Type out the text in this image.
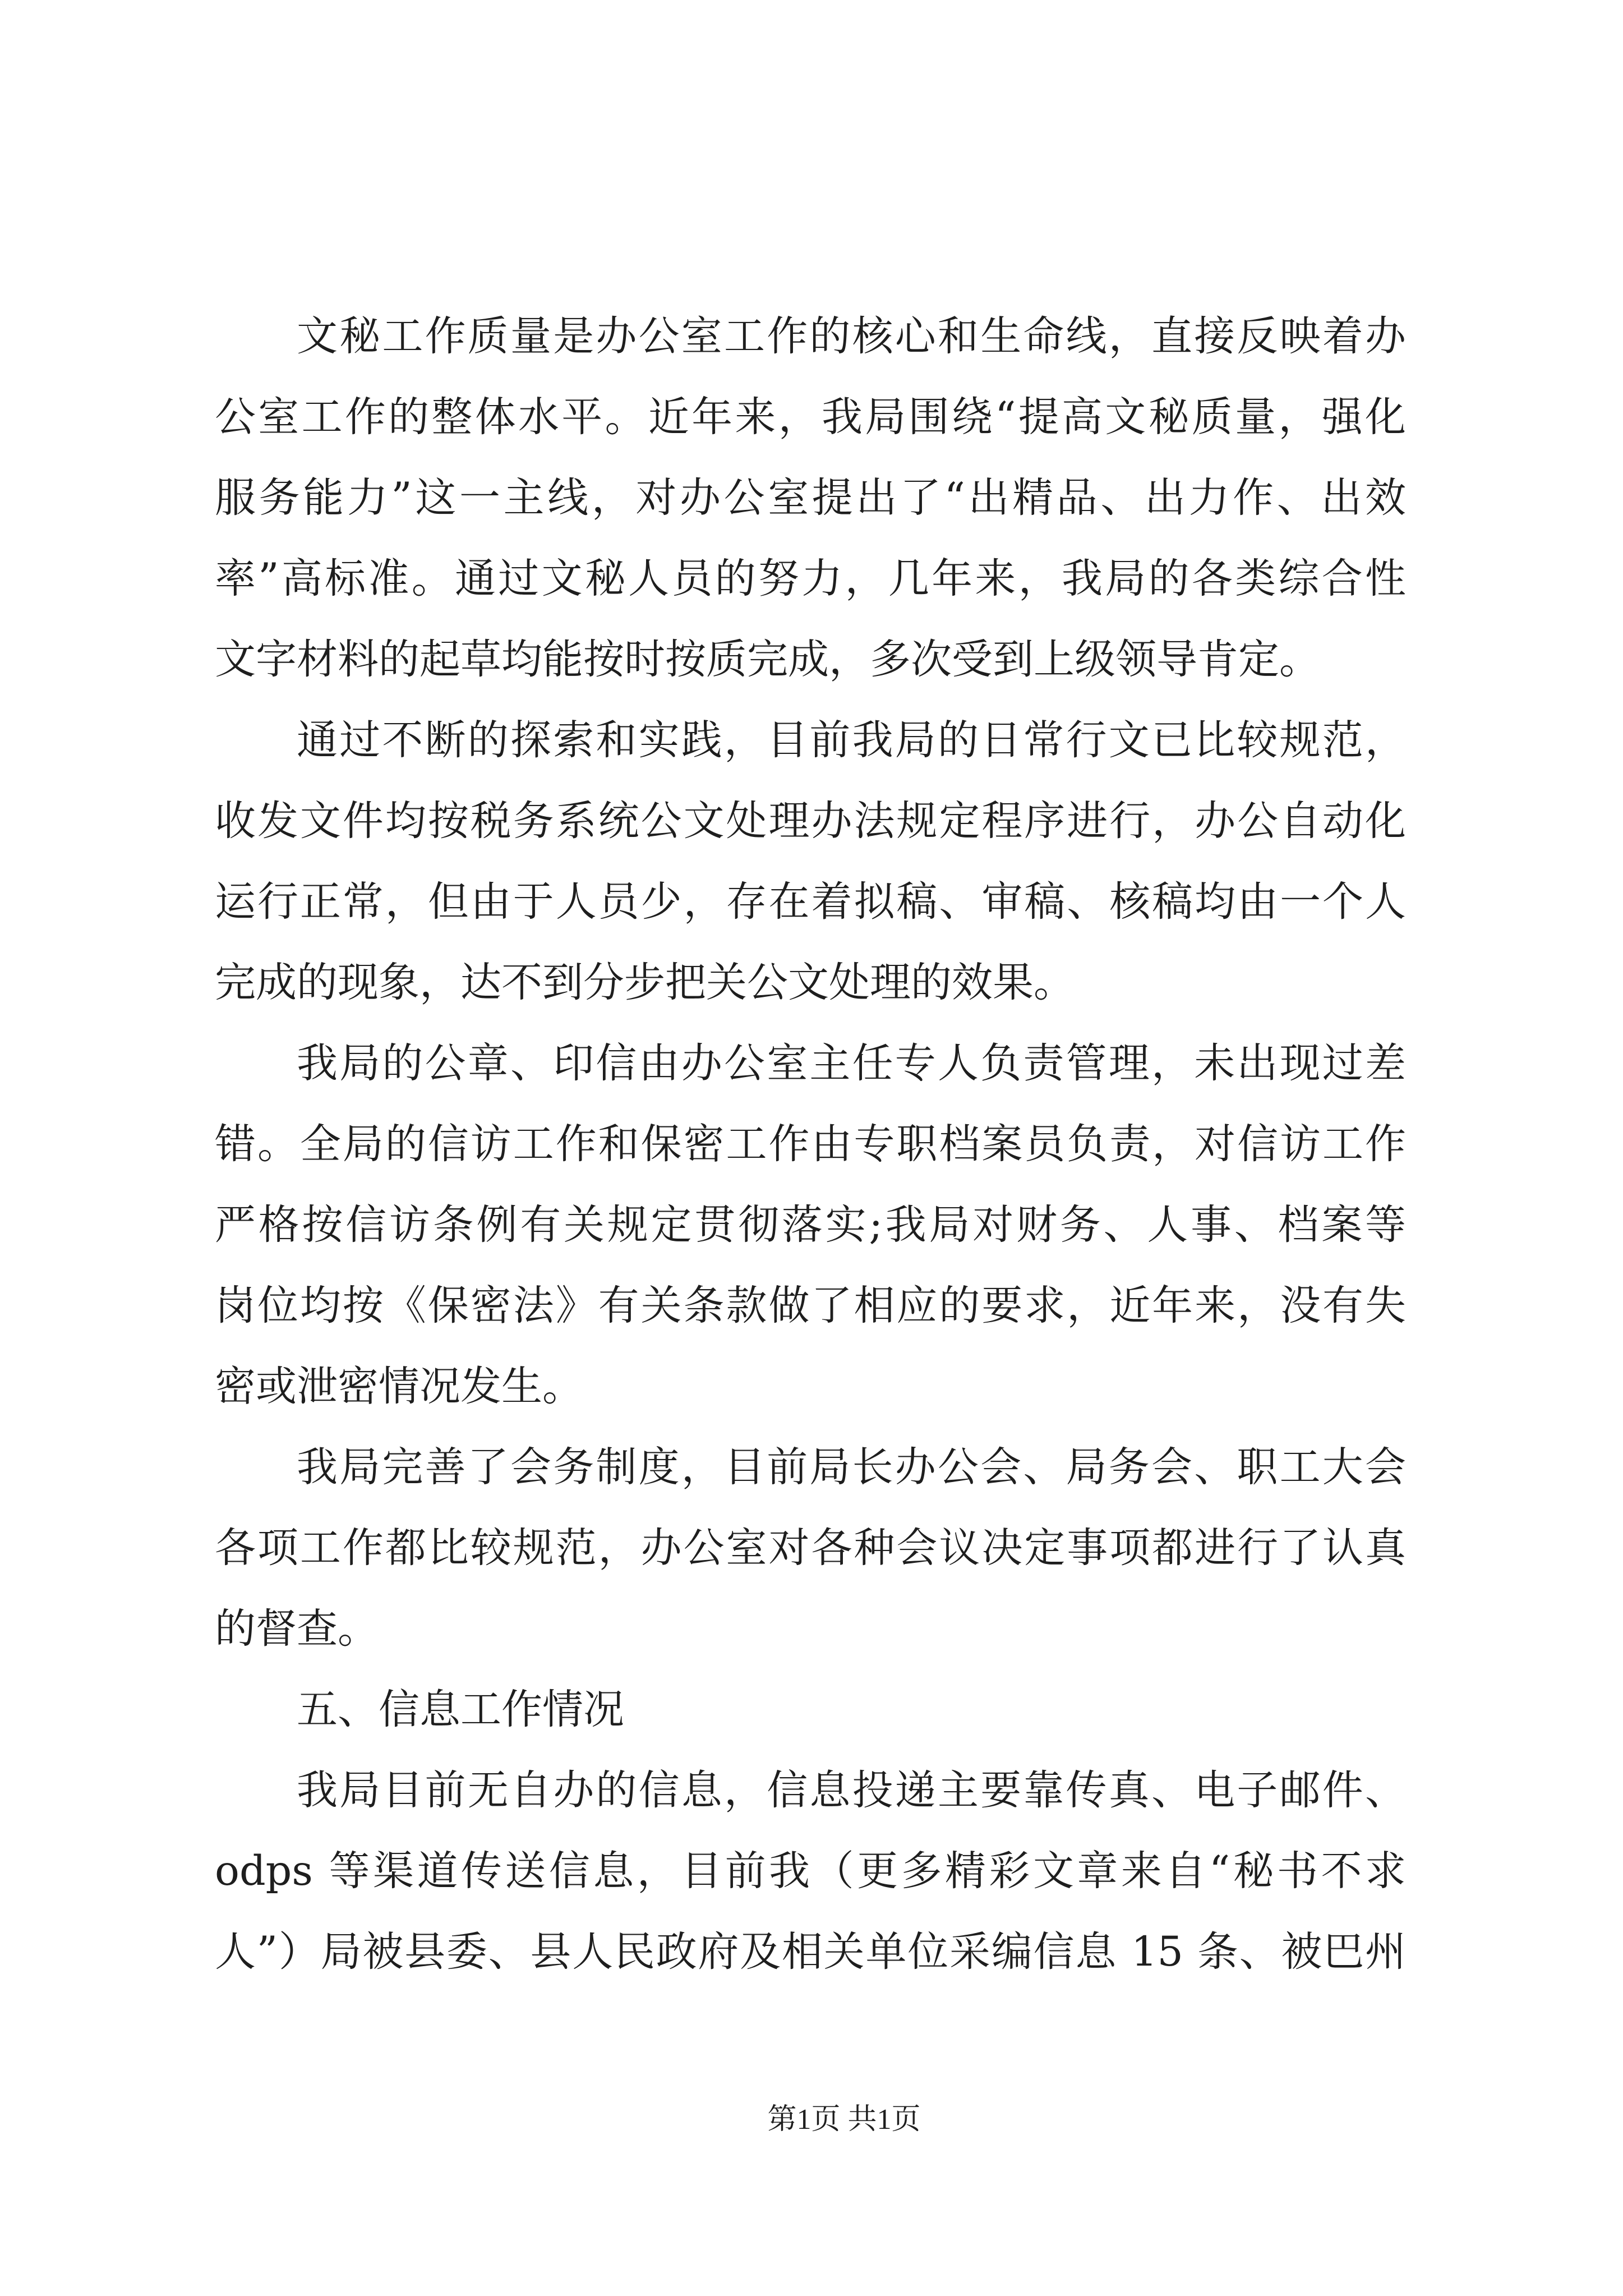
文秘工作质量是办公室工作的核心和生命线，直接反映着办
公室工作的整体水平。近年来，我局围绕“提高文秘质量，强化
服务能力”这一主线，对办公室提出了“出精品、出力作、出效
率”高标准。通过文秘人员的努力，几年来，我局的各类综合性
文字材料的起草均能按时按质完成，多次受到上级领导肯定。
通过不断的探索和实践，目前我局的日常行文已比较规范，
收发文件均按税务系统公文处理办法规定程序进行，办公自动化
运行正常，但由于人员少，存在着拟稿、审稿、核稿均由一个人
完成的现象，达不到分步把关公文处理的效果。
我局的公章、印信由办公室主任专人负责管理，未出现过差
错。全局的信访工作和保密工作由专职档案员负责，对信访工作
严格按信访条例有关规定贯彻落实;我局对财务、人事、档案等
岗位均按《保密法》有关条款做了相应的要求，近年来，没有失
密或泄密情况发生。
我局完善了会务制度，目前局长办公会、局务会、职工大会
各项工作都比较规范，办公室对各种会议决定事项都进行了认真
的督查。
五、信息工作情况
我局目前无自办的信息，信息投递主要靠传真、电子邮件、
odps 等渠道传送信息，目前我（更多精彩文章来自“秘书不求
人”）局被县委、县人民政府及相关单位采编信息 15 条、被巴州
第1页 共1页
